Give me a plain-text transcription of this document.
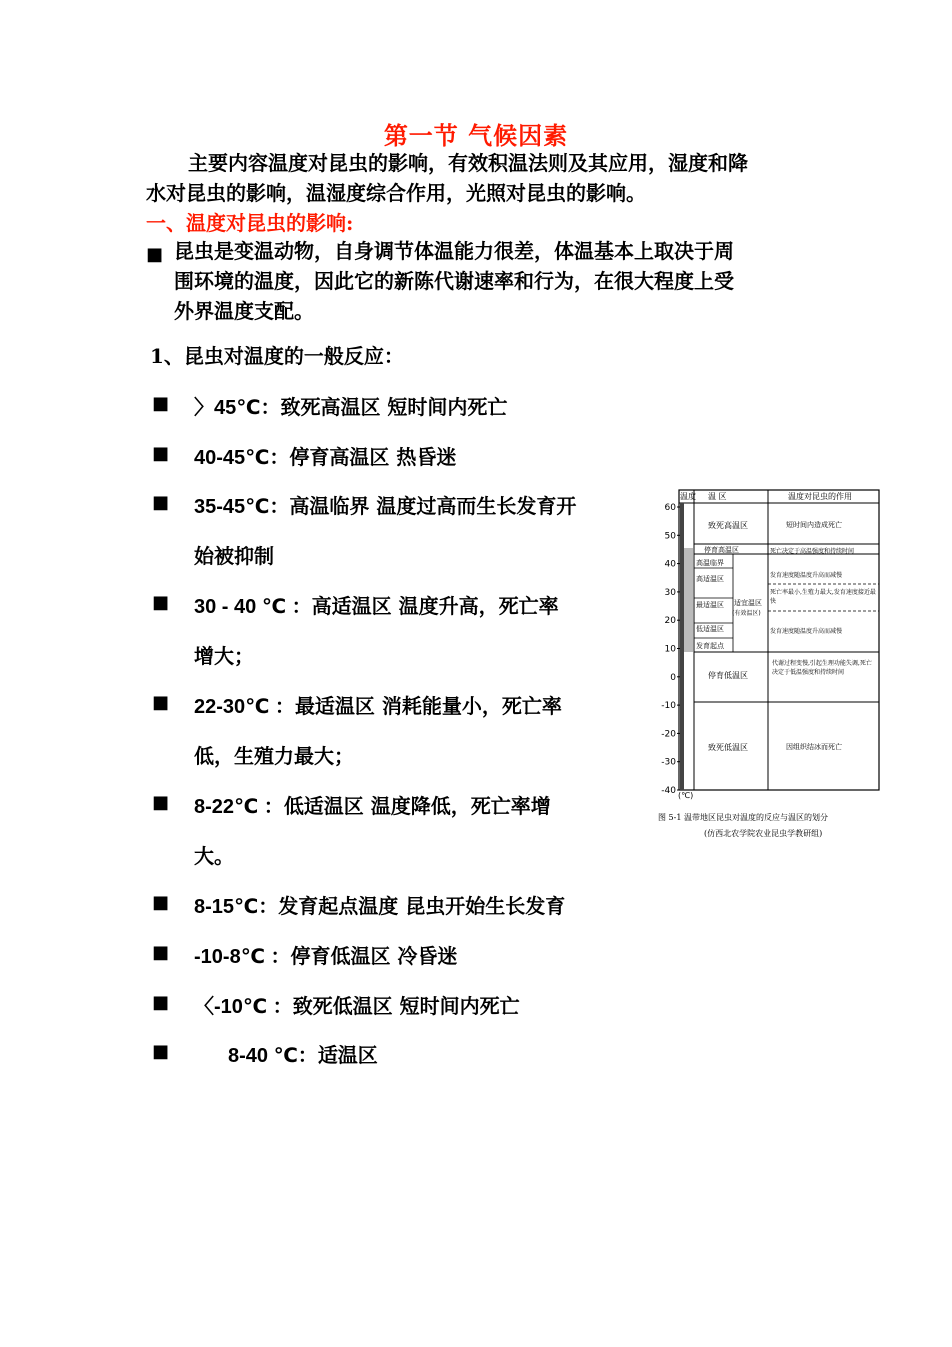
第一节 气候因素
主要内容温度对昆虫的影响，有效积温法则及其应用，湿度和降
水对昆虫的影响，温湿度综合作用，光照对昆虫的影响。
一、温度对昆虫的影响:
■ 昆虫是变温动物，自身调节体温能力很差，体温基本上取决于周
围环境的温度，因此它的新陈代谢速率和行为，在很大程度上受
外界温度支配。
1、昆虫对温度的一般反应：
■ 〉45℃：致死高温区 短时间内死亡
■ 40-45℃：停育高温区 热昏迷
■ 35-45℃：高温临界 温度过高而生长发育开
始被抑制
■ 30 - 40 ℃ ：高适温区 温度升高，死亡率
增大；
■ 22-30℃ ：最适温区 消耗能量小，死亡率
低，生殖力最大；
■ 8-22℃ ：低适温区 温度降低，死亡率增
大。
■ 8-15℃：发育起点温度 昆虫开始生长发育
■ -10-8℃ ：停育低温区 冷昏迷
■ 〈-10℃ ：致死低温区 短时间内死亡
■	8-40 ℃：适温区
60
50
40
30
20
10
0
-10
-20
-30
-40
温度 温 区	温度对昆虫的作用
致死高温区
停育高温区
高温临界
高适温区
最适温区
低适温区
发育起点
停育低温区
致死低温区
适宜温区
(有效温区)
短时间内造成死亡
死亡决定于高温强度和持续时间
发育速度随温度升高而减慢
死亡率最小,生殖力最大,发育速度接近最快
发育速度随温度升高而减慢
代谢过程变慢,引起生理功能失调,死亡决定于低温强度和持续时间
因组织结冰而死亡
(℃)
图 5-1 温带地区昆虫对温度的反应与温区的划分
(仿西北农学院农业昆虫学教研组)
